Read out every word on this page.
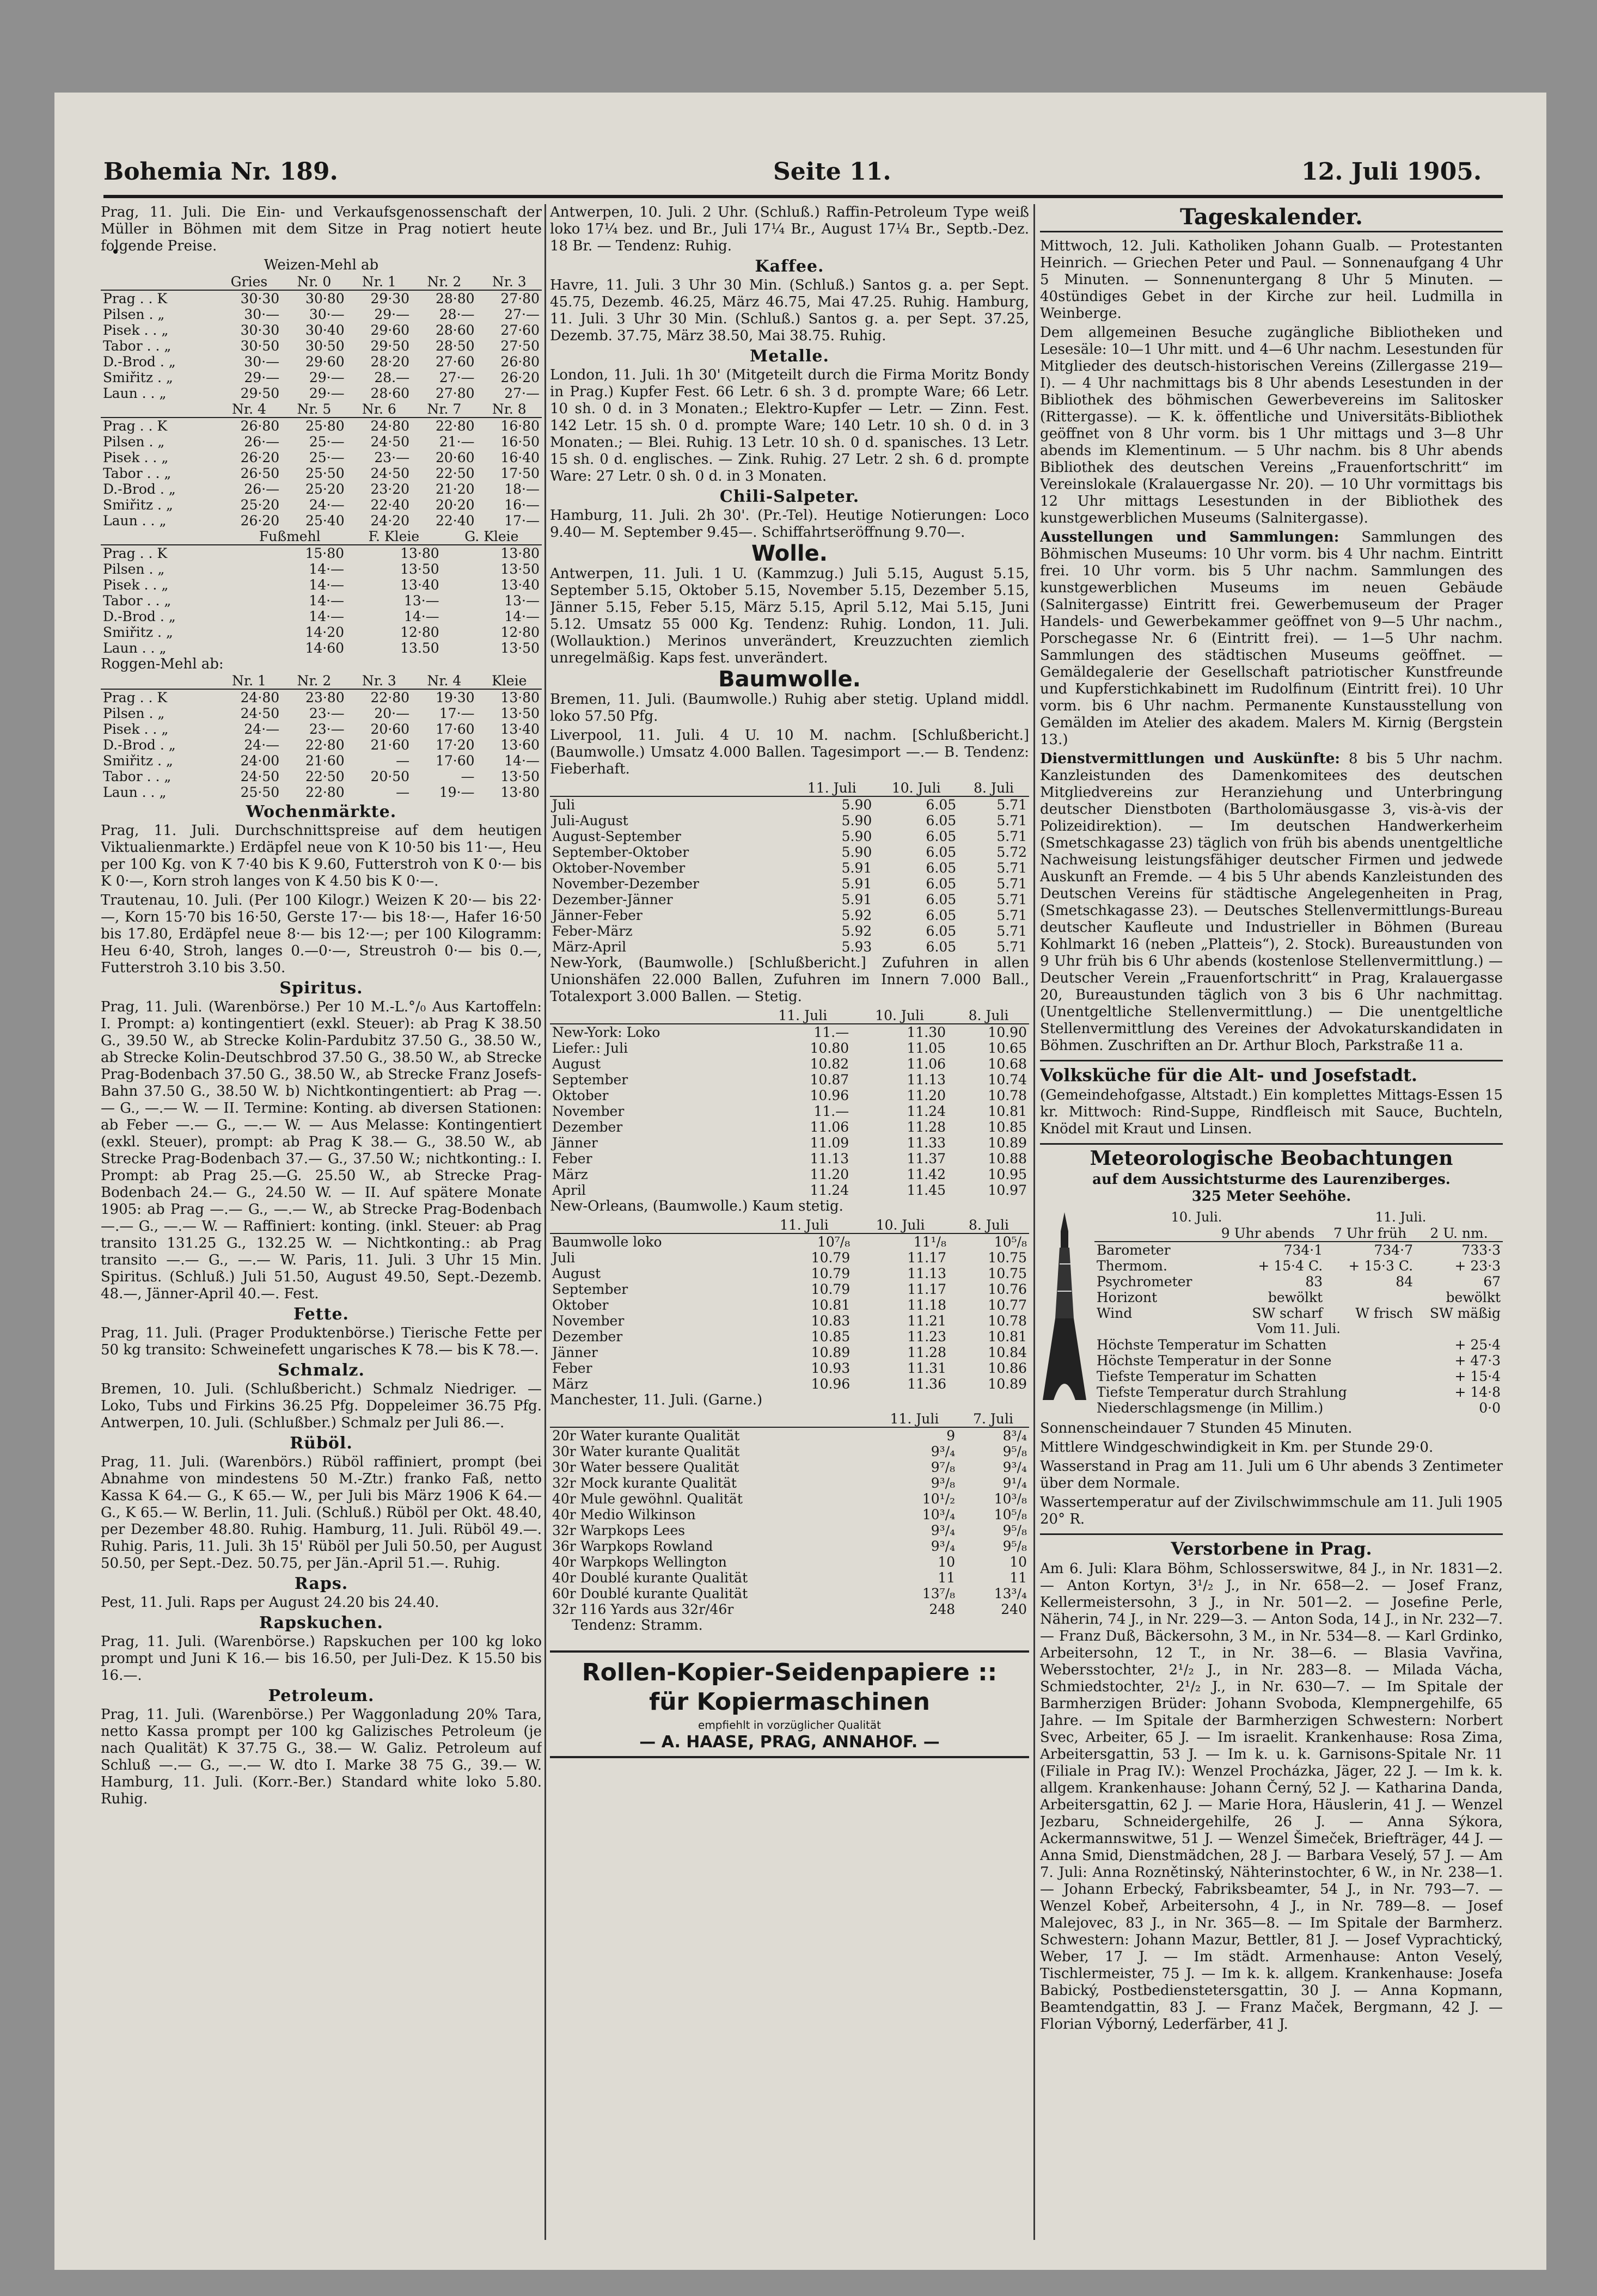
Bohemia Nr. 189.	Seite 11.	12. Juli 1905.

Prag, 11. Juli. Die Ein- und Verkaufsgenossenschaft der Müller in Böhmen mit dem Sitze in Prag notiert heute folgende Preise.

Weizen-Mehl ab
	Gries	Nr. 0	Nr. 1	Nr. 2	Nr. 3
Prag . . K	30·30	30·80	29·30	28·80	27·80
Pilsen . „	30·—	30·—	29·—	28·—	27·—
Pisek . . „	30·30	30·40	29·60	28·60	27·60
Tabor . . „	30·50	30·50	29·50	28·50	27·50
D.-Brod . „	30·—	29·60	28·20	27·60	26·80
Smiřitz . „	29·—	29·—	28.—	27·—	26·20
Laun . . „	29·50	29·—	28·60	27·80	27·—
	Nr. 4	Nr. 5	Nr. 6	Nr. 7	Nr. 8
Prag . . K	26·80	25·80	24·80	22·80	16·80
Pilsen . „	26·—	25·—	24·50	21·—	16·50
Pisek . . „	26·20	25·—	23·—	20·60	16·40
Tabor . . „	26·50	25·50	24·50	22·50	17·50
D.-Brod . „	26·—	25·20	23·20	21·20	18·—
Smiřitz . „	25·20	24·—	22·40	20·20	16·—
Laun . . „	26·20	25·40	24·20	22·40	17·—
	Fußmehl	F. Kleie	G. Kleie
Prag . . K	15·80	13·80	13·80
Pilsen . „	14·—	13·50	13·50
Pisek . . „	14·—	13·40	13·40
Tabor . . „	14·—	13·—	13·—
D.-Brod . „	14·—	14·—	14·—
Smiřitz . „	14·20	12·80	12·80
Laun . . „	14·60	13.50	13·50
Roggen-Mehl ab:
	Nr. 1	Nr. 2	Nr. 3	Nr. 4	Kleie
Prag . . K	24·80	23·80	22·80	19·30	13·80
Pilsen . „	24·50	23·—	20·—	17·—	13·50
Pisek . . „	24·—	23·—	20·60	17·60	13·40
D.-Brod . „	24·—	22·80	21·60	17·20	13·60
Smiřitz . „	24·00	21·60	—	17·60	14·—
Tabor . . „	24·50	22·50	20·50	—	13·50
Laun . . „	25·50	22·80	—	19·—	13·80
Wochenmärkte.

Prag, 11. Juli. Durchschnittspreise auf dem heutigen Viktualienmarkte.) Erdäpfel neue von K 10·50 bis 11·—, Heu per 100 Kg. von K 7·40 bis K 9.60, Futterstroh von K 0·— bis K 0·—, Korn stroh langes von K 4.50 bis K 0·—.

Trautenau, 10. Juli. (Per 100 Kilogr.) Weizen K 20·— bis 22·—, Korn 15·70 bis 16·50, Gerste 17·— bis 18·—, Hafer 16·50 bis 17.80, Erdäpfel neue 8·— bis 12·—; per 100 Kilogramm: Heu 6·40, Stroh, langes 0.—0·—, Streustroh 0·— bis 0.—, Futterstroh 3.10 bis 3.50.

Spiritus.

Prag, 11. Juli. (Warenbörse.) Per 10 M.-L.°/₀ Aus Kartoffeln: I. Prompt: a) kontingentiert (exkl. Steuer): ab Prag K 38.50 G., 39.50 W., ab Strecke Kolin-Pardubitz 37.50 G., 38.50 W., ab Strecke Kolin-Deutschbrod 37.50 G., 38.50 W., ab Strecke Prag-Bodenbach 37.50 G., 38.50 W., ab Strecke Franz Josefs-Bahn 37.50 G., 38.50 W. b) Nichtkontingentiert: ab Prag —.— G., —.— W. — II. Termine: Konting. ab diversen Stationen: ab Feber —.— G., —.— W. — Aus Melasse: Kontingentiert (exkl. Steuer), prompt: ab Prag K 38.— G., 38.50 W., ab Strecke Prag-Bodenbach 37.— G., 37.50 W.; nichtkonting.: I. Prompt: ab Prag 25.—G. 25.50 W., ab Strecke Prag-Bodenbach 24.— G., 24.50 W. — II. Auf spätere Monate 1905: ab Prag —.— G., —.— W., ab Strecke Prag-Bodenbach —.— G., —.— W. — Raffiniert: konting. (inkl. Steuer: ab Prag transito 131.25 G., 132.25 W. — Nichtkonting.: ab Prag transito —.— G., —.— W. Paris, 11. Juli. 3 Uhr 15 Min. Spiritus. (Schluß.) Juli 51.50, August 49.50, Sept.-Dezemb. 48.—, Jänner-April 40.—. Fest.

Fette.

Prag, 11. Juli. (Prager Produktenbörse.) Tierische Fette per 50 kg transito: Schweinefett ungarisches K 78.— bis K 78.—.

Schmalz.

Bremen, 10. Juli. (Schlußbericht.) Schmalz Niedriger. — Loko, Tubs und Firkins 36.25 Pfg. Doppeleimer 36.75 Pfg. Antwerpen, 10. Juli. (Schlußber.) Schmalz per Juli 86.—.

Rüböl.

Prag, 11. Juli. (Warenbörs.) Rüböl raffiniert, prompt (bei Abnahme von mindestens 50 M.-Ztr.) franko Faß, netto Kassa K 64.— G., K 65.— W., per Juli bis März 1906 K 64.— G., K 65.— W. Berlin, 11. Juli. (Schluß.) Rüböl per Okt. 48.40, per Dezember 48.80. Ruhig. Hamburg, 11. Juli. Rüböl 49.—. Ruhig. Paris, 11. Juli. 3h 15' Rüböl per Juli 50.50, per August 50.50, per Sept.-Dez. 50.75, per Jän.-April 51.—. Ruhig.

Raps.

Pest, 11. Juli. Raps per August 24.20 bis 24.40.

Rapskuchen.

Prag, 11. Juli. (Warenbörse.) Rapskuchen per 100 kg loko prompt und Juni K 16.— bis 16.50, per Juli-Dez. K 15.50 bis 16.—.

Petroleum.

Prag, 11. Juli. (Warenbörse.) Per Waggonladung 20% Tara, netto Kassa prompt per 100 kg Galizisches Petroleum (je nach Qualität) K 37.75 G., 38.— W. Galiz. Petroleum auf Schluß —.— G., —.— W. dto I. Marke 38 75 G., 39.— W. Hamburg, 11. Juli. (Korr.-Ber.) Standard white loko 5.80. Ruhig.

Antwerpen, 10. Juli. 2 Uhr. (Schluß.) Raffin-Petroleum Type weiß loko 17¼ bez. und Br., Juli 17¼ Br., August 17¼ Br., Septb.-Dez. 18 Br. — Tendenz: Ruhig.

Kaffee.

Havre, 11. Juli. 3 Uhr 30 Min. (Schluß.) Santos g. a. per Sept. 45.75, Dezemb. 46.25, März 46.75, Mai 47.25. Ruhig. Hamburg, 11. Juli. 3 Uhr 30 Min. (Schluß.) Santos g. a. per Sept. 37.25, Dezemb. 37.75, März 38.50, Mai 38.75. Ruhig.

Metalle.

London, 11. Juli. 1h 30' (Mitgeteilt durch die Firma Moritz Bondy in Prag.) Kupfer Fest. 66 Letr. 6 sh. 3 d. prompte Ware; 66 Letr. 10 sh. 0 d. in 3 Monaten.; Elektro-Kupfer — Letr. — Zinn. Fest. 142 Letr. 15 sh. 0 d. prompte Ware; 140 Letr. 10 sh. 0 d. in 3 Monaten.; — Blei. Ruhig. 13 Letr. 10 sh. 0 d. spanisches. 13 Letr. 15 sh. 0 d. englisches. — Zink. Ruhig. 27 Letr. 2 sh. 6 d. prompte Ware: 27 Letr. 0 sh. 0 d. in 3 Monaten.

Chili-Salpeter.

Hamburg, 11. Juli. 2h 30'. (Pr.-Tel). Heutige Notierungen: Loco 9.40— M. September 9.45—. Schiffahrtseröffnung 9.70—.

Wolle.

Antwerpen, 11. Juli. 1 U. (Kammzug.) Juli 5.15, August 5.15, September 5.15, Oktober 5.15, November 5.15, Dezember 5.15, Jänner 5.15, Feber 5.15, März 5.15, April 5.12, Mai 5.15, Juni 5.12. Umsatz 55 000 Kg. Tendenz: Ruhig. London, 11. Juli. (Wollauktion.) Merinos unverändert, Kreuzzuchten ziemlich unregelmäßig. Kaps fest. unverändert.

Baumwolle.

Bremen, 11. Juli. (Baumwolle.) Ruhig aber stetig. Upland middl. loko 57.50 Pfg.

Liverpool, 11. Juli. 4 U. 10 M. nachm. [Schlußbericht.] (Baumwolle.) Umsatz 4.000 Ballen. Tagesimport —.— B. Tendenz: Fieberhaft.

	11. Juli	10. Juli	8. Juli
Juli	5.90	6.05	5.71
Juli-August	5.90	6.05	5.71
August-September	5.90	6.05	5.71
September-Oktober	5.90	6.05	5.72
Oktober-November	5.91	6.05	5.71
November-Dezember	5.91	6.05	5.71
Dezember-Jänner	5.91	6.05	5.71
Jänner-Feber	5.92	6.05	5.71
Feber-März	5.92	6.05	5.71
März-April	5.93	6.05	5.71

New-York, (Baumwolle.) [Schlußbericht.] Zufuhren in allen Unionshäfen 22.000 Ballen, Zufuhren im Innern 7.000 Ball., Totalexport 3.000 Ballen. — Stetig.

	11. Juli	10. Juli	8. Juli
New-York: Loko	11.—	11.30	10.90
Liefer.: Juli	10.80	11.05	10.65
August	10.82	11.06	10.68
September	10.87	11.13	10.74
Oktober	10.96	11.20	10.78
November	11.—	11.24	10.81
Dezember	11.06	11.28	10.85
Jänner	11.09	11.33	10.89
Feber	11.13	11.37	10.88
März	11.20	11.42	10.95
April	11.24	11.45	10.97

New-Orleans, (Baumwolle.) Kaum stetig.

	11. Juli	10. Juli	8. Juli
Baumwolle loko	10⁷/₈	11¹/₈	10⁵/₈
Juli	10.79	11.17	10.75
August	10.79	11.13	10.75
September	10.79	11.17	10.76
Oktober	10.81	11.18	10.77
November	10.83	11.21	10.78
Dezember	10.85	11.23	10.81
Jänner	10.89	11.28	10.84
Feber	10.93	11.31	10.86
März	10.96	11.36	10.89

Manchester, 11. Juli. (Garne.)

	11. Juli	7. Juli
20r Water kurante Qualität	9	8³/₄
30r Water kurante Qualität	9³/₄	9⁵/₈
30r Water bessere Qualität	9⁷/₈	9³/₄
32r Mock kurante Qualität	9³/₈	9¹/₄
40r Mule gewöhnl. Qualität	10¹/₂	10³/₈
40r Medio Wilkinson	10³/₄	10⁵/₈
32r Warpkops Lees	9³/₄	9⁵/₈
36r Warpkops Rowland	9³/₄	9⁵/₈
40r Warpkops Wellington	10	10
40r Doublé kurante Qualität	11	11
60r Doublé kurante Qualität	13⁷/₈	13³/₄
32r 116 Yards aus 32r/46r	248	240

Tendenz: Stramm.

Rollen-Kopier-Seidenpapiere ::
für Kopiermaschinen
empfiehlt in vorzüglicher Qualität
— A. HAASE, PRAG, ANNAHOF. —
Tageskalender.

Mittwoch, 12. Juli. Katholiken Johann Gualb. — Protestanten Heinrich. — Griechen Peter und Paul. — Sonnenaufgang 4 Uhr 5 Minuten. — Sonnenuntergang 8 Uhr 5 Minuten. — 40stündiges Gebet in der Kirche zur heil. Ludmilla in Weinberge.

Dem allgemeinen Besuche zugängliche Bibliotheken und Lesesäle: 10—1 Uhr mitt. und 4—6 Uhr nachm. Lesestunden für Mitglieder des deutsch-historischen Vereins (Zillergasse 219—I). — 4 Uhr nachmittags bis 8 Uhr abends Lesestunden in der Bibliothek des böhmischen Gewerbevereins im Salitosker (Rittergasse). — K. k. öffentliche und Universitäts-Bibliothek geöffnet von 8 Uhr vorm. bis 1 Uhr mittags und 3—8 Uhr abends im Klementinum. — 5 Uhr nachm. bis 8 Uhr abends Bibliothek des deutschen Vereins „Frauenfortschritt“ im Vereinslokale (Kralauergasse Nr. 20). — 10 Uhr vormittags bis 12 Uhr mittags Lesestunden in der Bibliothek des kunstgewerblichen Museums (Salnitergasse).

Ausstellungen und Sammlungen: Sammlungen des Böhmischen Museums: 10 Uhr vorm. bis 4 Uhr nachm. Eintritt frei. 10 Uhr vorm. bis 5 Uhr nachm. Sammlungen des kunstgewerblichen Museums im neuen Gebäude (Salnitergasse) Eintritt frei. Gewerbemuseum der Prager Handels- und Gewerbekammer geöffnet von 9—5 Uhr nachm., Porschegasse Nr. 6 (Eintritt frei). — 1—5 Uhr nachm. Sammlungen des städtischen Museums geöffnet. — Gemäldegalerie der Gesellschaft patriotischer Kunstfreunde und Kupferstichkabinett im Rudolfinum (Eintritt frei). 10 Uhr vorm. bis 6 Uhr nachm. Permanente Kunstausstellung von Gemälden im Atelier des akadem. Malers M. Kirnig (Bergstein 13.)

Dienstvermittlungen und Auskünfte: 8 bis 5 Uhr nachm. Kanzleistunden des Damenkomitees des deutschen Mitgliedvereins zur Heranziehung und Unterbringung deutscher Dienstboten (Bartholomäusgasse 3, vis-à-vis der Polizeidirektion). — Im deutschen Handwerkerheim (Smetschkagasse 23) täglich von früh bis abends unentgeltliche Nachweisung leistungsfähiger deutscher Firmen und jedwede Auskunft an Fremde. — 4 bis 5 Uhr abends Kanzleistunden des Deutschen Vereins für städtische Angelegenheiten in Prag, (Smetschkagasse 23). — Deutsches Stellenvermittlungs-Bureau deutscher Kaufleute und Industrieller in Böhmen (Bureau Kohlmarkt 16 (neben „Platteis“), 2. Stock). Bureaustunden von 9 Uhr früh bis 6 Uhr abends (kostenlose Stellenvermittlung.) — Deutscher Verein „Frauenfortschritt“ in Prag, Kralauergasse 20, Bureaustunden täglich von 3 bis 6 Uhr nachmittag. (Unentgeltliche Stellenvermittlung.) — Die unentgeltliche Stellenvermittlung des Vereines der Advokaturskandidaten in Böhmen. Zuschriften an Dr. Arthur Bloch, Parkstraße 11 a.

Volksküche für die Alt- und Josefstadt.

(Gemeindehofgasse, Altstadt.) Ein komplettes Mittags-Essen 15 kr. Mittwoch: Rind-Suppe, Rindfleisch mit Sauce, Buchteln, Knödel mit Kraut und Linsen.

Meteorologische Beobachtungen
auf dem Aussichtsturme des Laurenziberges.
325 Meter Seehöhe.
10. Juli.	11. Juli.
	9 Uhr abends	7 Uhr früh	2 U. nm.
Barometer	734·1	734·7	733·3
Thermom.	+ 15·4 C.	+ 15·3 C.	+ 23·3
Psychrometer	83	84	67
Horizont	bewölkt		bewölkt
Wind	SW scharf	W frisch	SW mäßig
Vom 11. Juli.
Höchste Temperatur im Schatten	+ 25·4
Höchste Temperatur in der Sonne	+ 47·3
Tiefste Temperatur im Schatten	+ 15·4
Tiefste Temperatur durch Strahlung	+ 14·8
Niederschlagsmenge (in Millim.)	0·0

Sonnenscheindauer 7 Stunden 45 Minuten.

Mittlere Windgeschwindigkeit in Km. per Stunde 29·0.

Wasserstand in Prag am 11. Juli um 6 Uhr abends 3 Zentimeter über dem Normale.

Wassertemperatur auf der Zivilschwimmschule am 11. Juli 1905 20° R.

Verstorbene in Prag.

Am 6. Juli: Klara Böhm, Schlosserswitwe, 84 J., in Nr. 1831—2. — Anton Kortyn, 3¹/₂ J., in Nr. 658—2. — Josef Franz, Kellermeistersohn, 3 J., in Nr. 501—2. — Josefine Perle, Näherin, 74 J., in Nr. 229—3. — Anton Soda, 14 J., in Nr. 232—7. — Franz Duß, Bäckersohn, 3 M., in Nr. 534—8. — Karl Grdinko, Arbeitersohn, 12 T., in Nr. 38—6. — Blasia Vavřina, Webersstochter, 2¹/₂ J., in Nr. 283—8. — Milada Vácha, Schmiedstochter, 2¹/₂ J., in Nr. 630—7. — Im Spitale der Barmherzigen Brüder: Johann Svoboda, Klempnergehilfe, 65 Jahre. — Im Spitale der Barmherzigen Schwestern: Norbert Svec, Arbeiter, 65 J. — Im israelit. Krankenhause: Rosa Zima, Arbeitersgattin, 53 J. — Im k. u. k. Garnisons-Spitale Nr. 11 (Filiale in Prag IV.): Wenzel Procházka, Jäger, 22 J. — Im k. k. allgem. Krankenhause: Johann Černý, 52 J. — Katharina Danda, Arbeitersgattin, 62 J. — Marie Hora, Häuslerin, 41 J. — Wenzel Jezbaru, Schneidergehilfe, 26 J. — Anna Sýkora, Ackermannswitwe, 51 J. — Wenzel Šimeček, Briefträger, 44 J. — Anna Smid, Dienstmädchen, 28 J. — Barbara Veselý, 57 J. — Am 7. Juli: Anna Roznětinský, Nähterinstochter, 6 W., in Nr. 238—1. — Johann Erbecký, Fabriksbeamter, 54 J., in Nr. 793—7. — Wenzel Kobeř, Arbeitersohn, 4 J., in Nr. 789—8. — Josef Malejovec, 83 J., in Nr. 365—8. — Im Spitale der Barmherz. Schwestern: Johann Mazur, Bettler, 81 J. — Josef Vyprachtický, Weber, 17 J. — Im städt. Armenhause: Anton Veselý, Tischlermeister, 75 J. — Im k. k. allgem. Krankenhause: Josefa Babický, Postbedienstetersgattin, 30 J. — Anna Kopmann, Beamtendgattin, 83 J. — Franz Maček, Bergmann, 42 J. — Florian Výborný, Lederfärber, 41 J.
